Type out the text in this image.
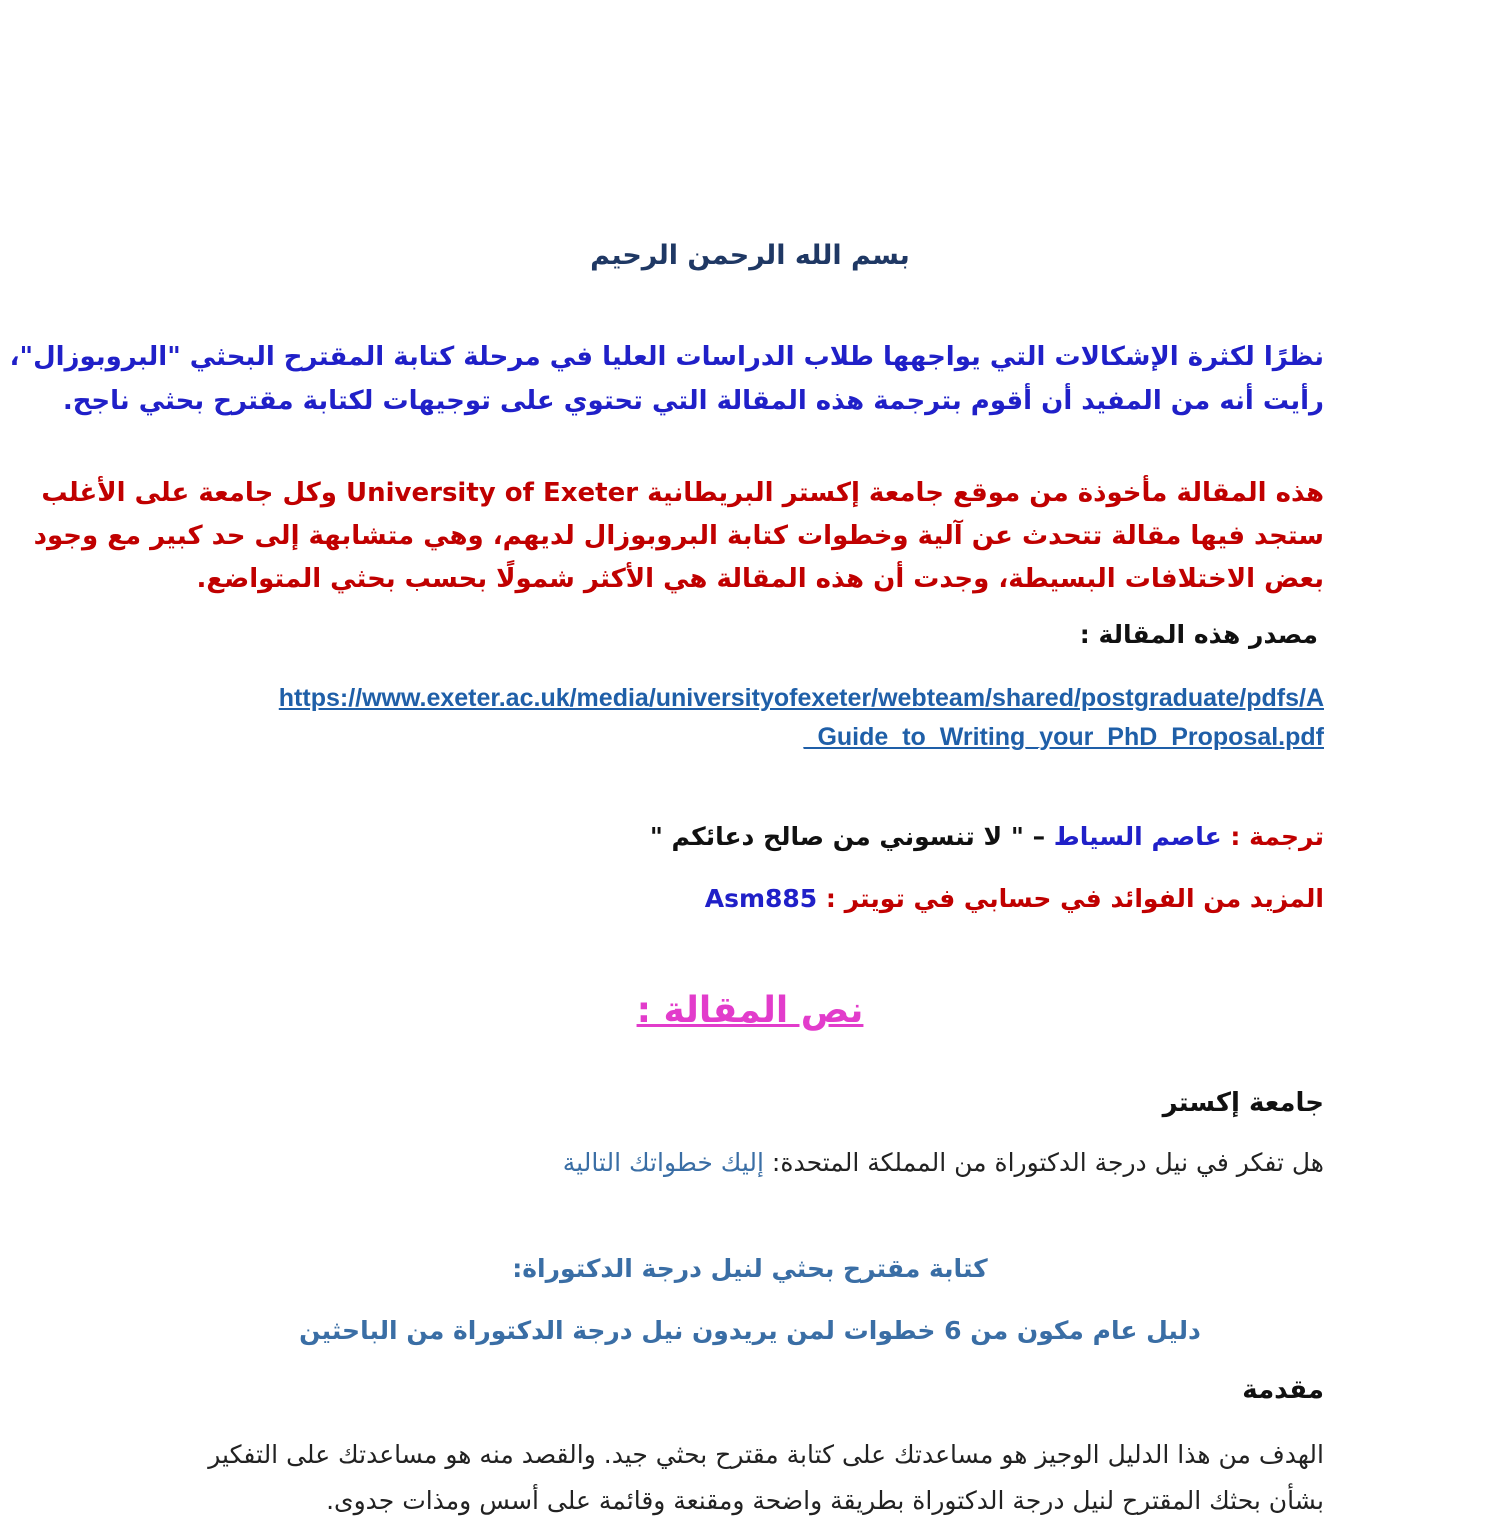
بسم الله الرحمن الرحيم
نظرًا لكثرة الإشكالات التي يواجهها طلاب الدراسات العليا في مرحلة كتابة المقترح البحثي "البروبوزال"،
رأيت أنه من المفيد أن أقوم بترجمة هذه المقالة التي تحتوي على توجيهات لكتابة مقترح بحثي ناجح.
هذه المقالة مأخوذة من موقع جامعة إكستر البريطانية University of Exeter وكل جامعة على الأغلب
ستجد فيها مقالة تتحدث عن آلية وخطوات كتابة البروبوزال لديهم، وهي متشابهة إلى حد كبير مع وجود
بعض الاختلافات البسيطة، وجدت أن هذه المقالة هي الأكثر شمولًا بحسب بحثي المتواضع.
مصدر هذه المقالة :
https://www.exeter.ac.uk/media/universityofexeter/webteam/shared/postgraduate/pdfs/A
_Guide_to_Writing_your_PhD_Proposal.pdf
ترجمة : عاصم السياط – " لا تنسوني من صالح دعائكم "
المزيد من الفوائد في حسابي في تويتر : Asm885
نص المقالة :
جامعة إكستر
هل تفكر في نيل درجة الدكتوراة من المملكة المتحدة: إليك خطواتك التالية
كتابة مقترح بحثي لنيل درجة الدكتوراة:
دليل عام مكون من 6 خطوات لمن يريدون نيل درجة الدكتوراة من الباحثين
مقدمة
الهدف من هذا الدليل الوجيز هو مساعدتك على كتابة مقترح بحثي جيد. والقصد منه هو مساعدتك على التفكير
بشأن بحثك المقترح لنيل درجة الدكتوراة بطريقة واضحة ومقنعة وقائمة على أسس ومذات جدوى.
